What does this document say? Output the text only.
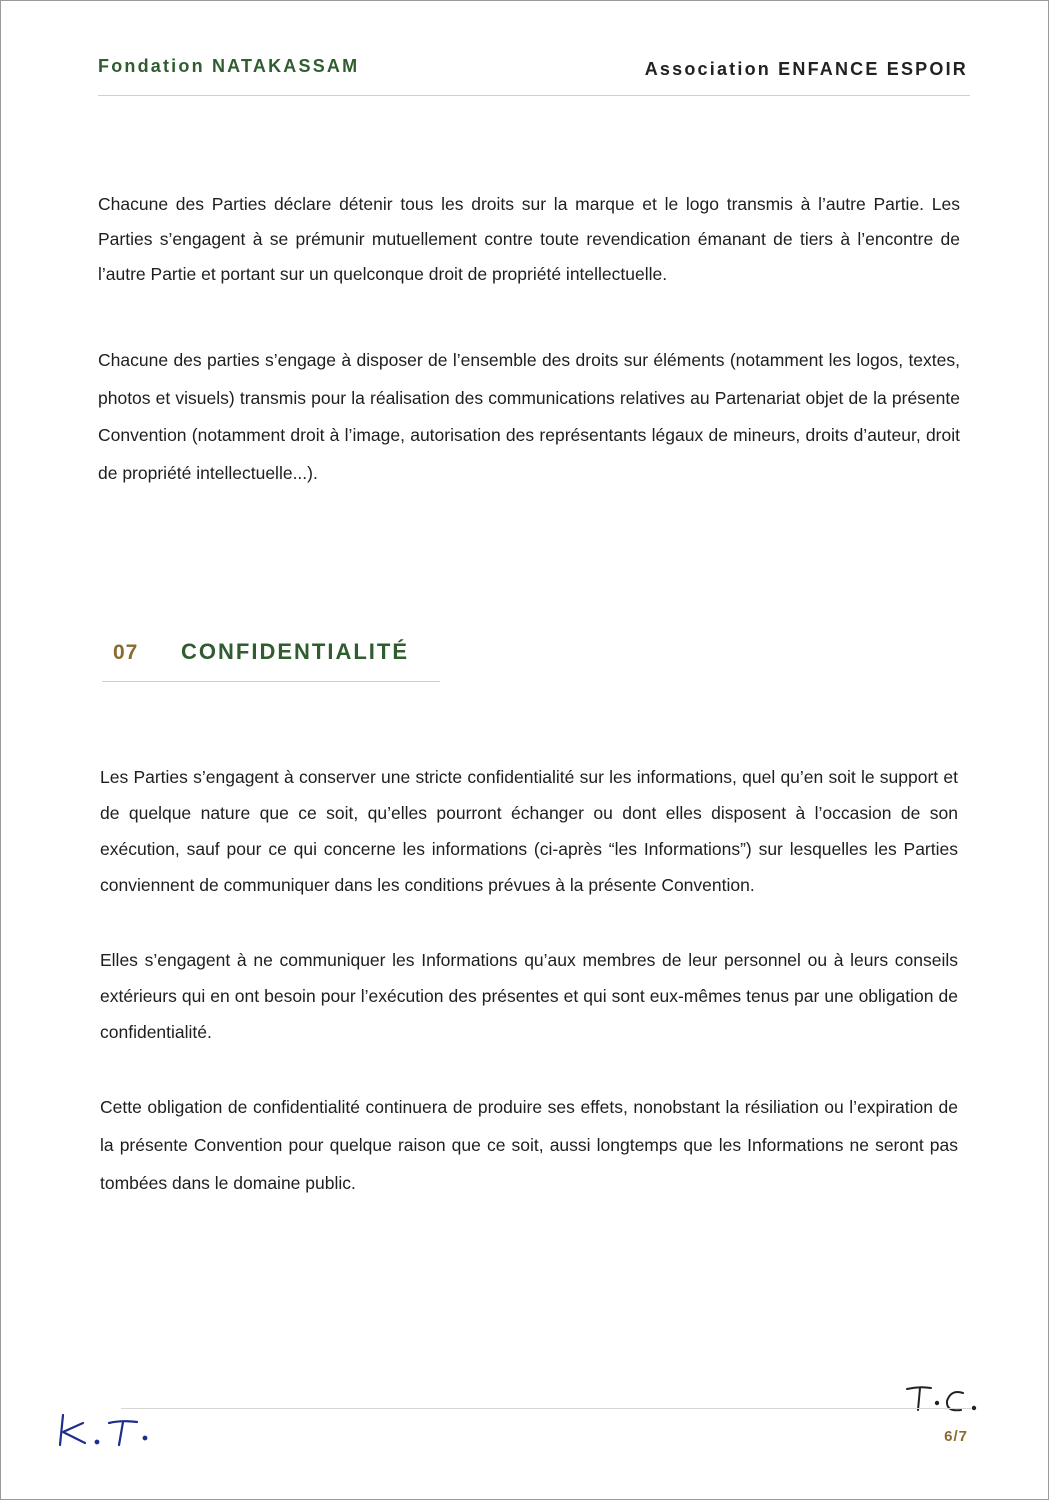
Fondation NATAKASSAM	Association ENFANCE ESPOIR

Chacune des Parties déclare détenir tous les droits sur la marque et le logo transmis à l’autre Partie. Les Parties s’engagent à se prémunir mutuellement contre toute revendication émanant de tiers à l’encontre de l’autre Partie et portant sur un quelconque droit de propriété intellectuelle.

Chacune des parties s’engage à disposer de l’ensemble des droits sur éléments (notamment les logos, textes, photos et visuels) transmis pour la réalisation des communications relatives au Partenariat objet de la présente Convention (notamment droit à l’image, autorisation des représentants légaux de mineurs, droits d’auteur, droit de propriété intellectuelle...).

07 CONFIDENTIALITÉ

Les Parties s’engagent à conserver une stricte confidentialité sur les informations, quel qu’en soit le support et de quelque nature que ce soit, qu’elles pourront échanger ou dont elles disposent à l’occasion de son exécution, sauf pour ce qui concerne les informations (ci-après “les Informations”) sur lesquelles les Parties conviennent de communiquer dans les conditions prévues à la présente Convention.

Elles s’engagent à ne communiquer les Informations qu’aux membres de leur personnel ou à leurs conseils extérieurs qui en ont besoin pour l’exécution des présentes et qui sont eux-mêmes tenus par une obligation de confidentialité.

Cette obligation de confidentialité continuera de produire ses effets, nonobstant la résiliation ou l’expiration de la présente Convention pour quelque raison que ce soit, aussi longtemps que les Informations ne seront pas tombées dans le domaine public.

6/7
